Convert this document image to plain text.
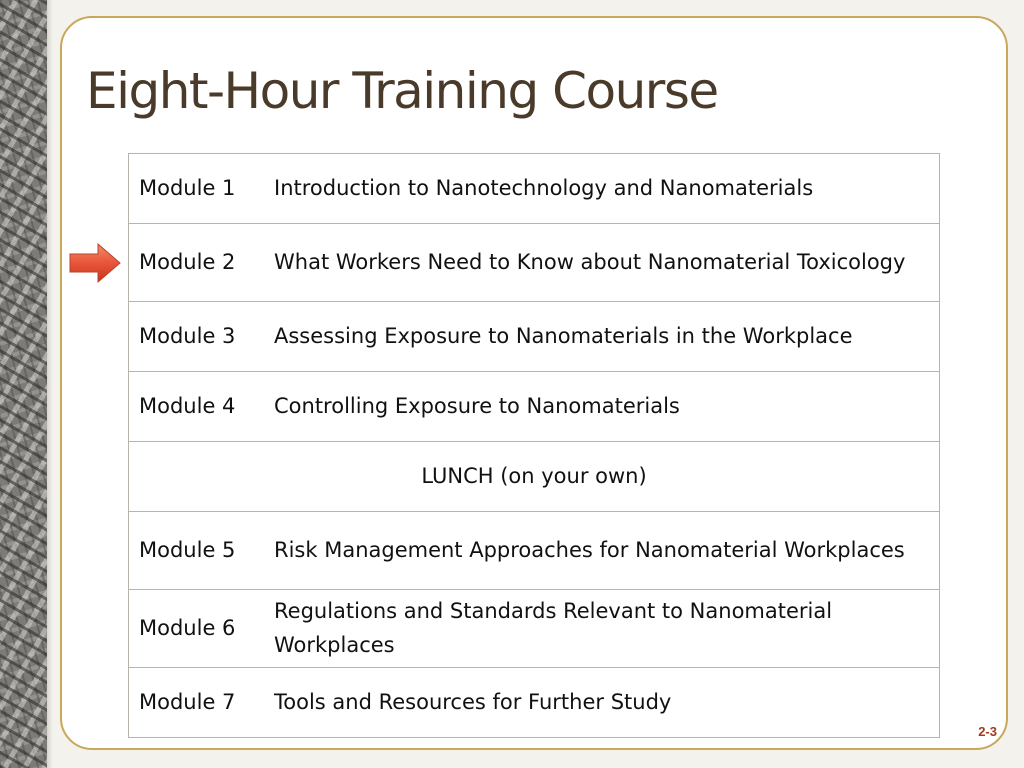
Eight-Hour Training Course
Module 1	Introduction to Nanotechnology and Nanomaterials
Module 2	What Workers Need to Know about Nanomaterial Toxicology
Module 3	Assessing Exposure to Nanomaterials in the Workplace
Module 4	Controlling Exposure to Nanomaterials
LUNCH (on your own)	
Module 5	Risk Management Approaches for Nanomaterial Workplaces
Module 6	Regulations and Standards Relevant to Nanomaterial Workplaces
Module 7	Tools and Resources for Further Study
2-3
